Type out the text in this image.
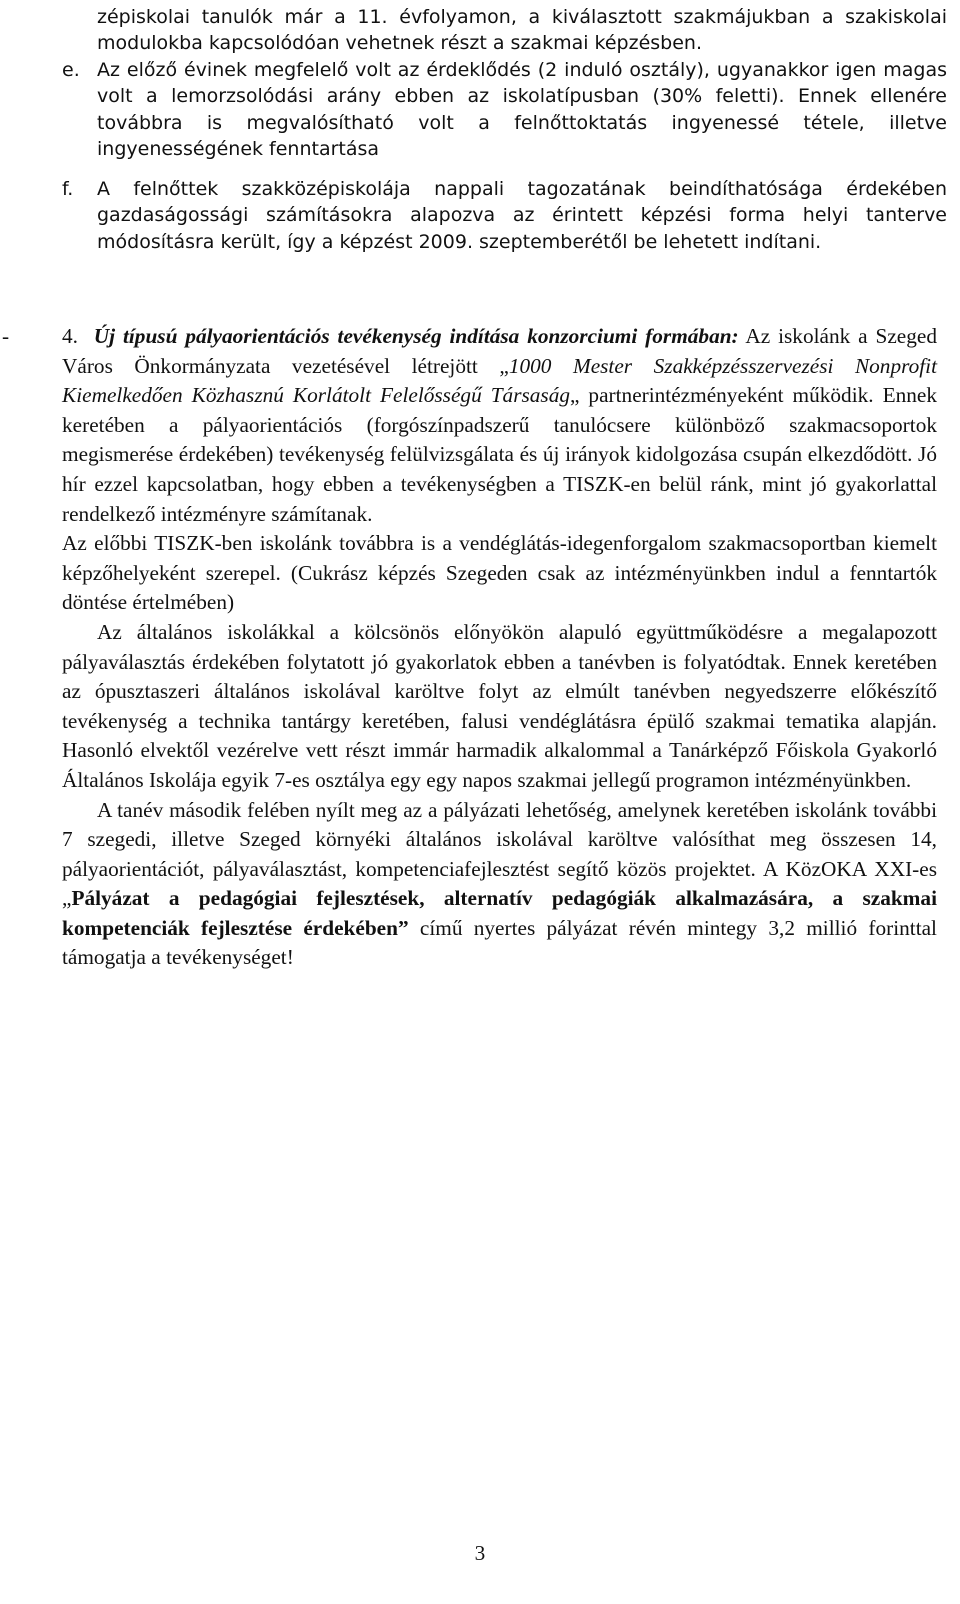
zépiskolai tanulók már a 11. évfolyamon, a kiválasztott szakmájukban a szakiskolai modulokba kapcsolódóan vehetnek részt a szakmai képzésben.
e. Az előző évinek megfelelő volt az érdeklődés (2 induló osztály), ugyanakkor igen magas volt a lemorzsolódási arány ebben az iskolatípusban (30% feletti). Ennek ellenére továbbra is megvalósítható volt a felnőttoktatás ingyenessé tétele, illetve ingyenességének fenntartása
f.	A felnőttek szakközépiskolája nappali tagozatának beindíthatósága érdekében gazdaságossági számításokra alapozva az érintett képzési forma helyi tanterve módosításra került, így a képzést 2009. szeptemberétől be lehetett indítani.
-	4. Új típusú pályaorientációs tevékenység indítása konzorciumi formában: Az iskolánk a Szeged Város Önkormányzata vezetésével létrejött „1000 Mester Szakképzésszervezési Nonprofit Kiemelkedően Közhasznú Korlátolt Felelősségű Társaság„ partnerintézményeként működik. Ennek keretében a pályaorientációs (forgószínpadszerű tanulócsere különböző szakmacsoportok megismerése érdekében) tevékenység felülvizsgálata és új irányok kidolgozása csupán elkezdődött. Jó hír ezzel kapcsolatban, hogy ebben a tevékenységben a TISZK-en belül ránk, mint jó gyakorlattal rendelkező intézményre számítanak.

Az előbbi TISZK-ben iskolánk továbbra is a vendéglátás-idegenforgalom szakmacsoportban kiemelt képzőhelyeként szerepel. (Cukrász képzés Szegeden csak az intézményünkben indul a fenntartók döntése értelmében)

Az általános iskolákkal a kölcsönös előnyökön alapuló együttműködésre a megalapozott pályaválasztás érdekében folytatott jó gyakorlatok ebben a tanévben is folyatódtak. Ennek keretében az ópusztaszeri általános iskolával karöltve folyt az elmúlt tanévben negyedszerre előkészítő tevékenység a technika tantárgy keretében, falusi vendéglátásra épülő szakmai tematika alapján. Hasonló elvektől vezérelve vett részt immár harmadik alkalommal a Tanárképző Főiskola Gyakorló Általános Iskolája egyik 7-es osztálya egy egy napos szakmai jellegű programon intézményünkben.

A tanév második felében nyílt meg az a pályázati lehetőség, amelynek keretében iskolánk további 7 szegedi, illetve Szeged környéki általános iskolával karöltve valósíthat meg összesen 14, pályaorientációt, pályaválasztást, kompetenciafejlesztést segítő közös projektet. A KözOKA XXI-es „Pályázat a pedagógiai fejlesztések, alternatív pedagógiák alkalmazására, a szakmai kompetenciák fejlesztése érdekében” című nyertes pályázat révén mintegy 3,2 millió forinttal támogatja a tevékenységet!

3
